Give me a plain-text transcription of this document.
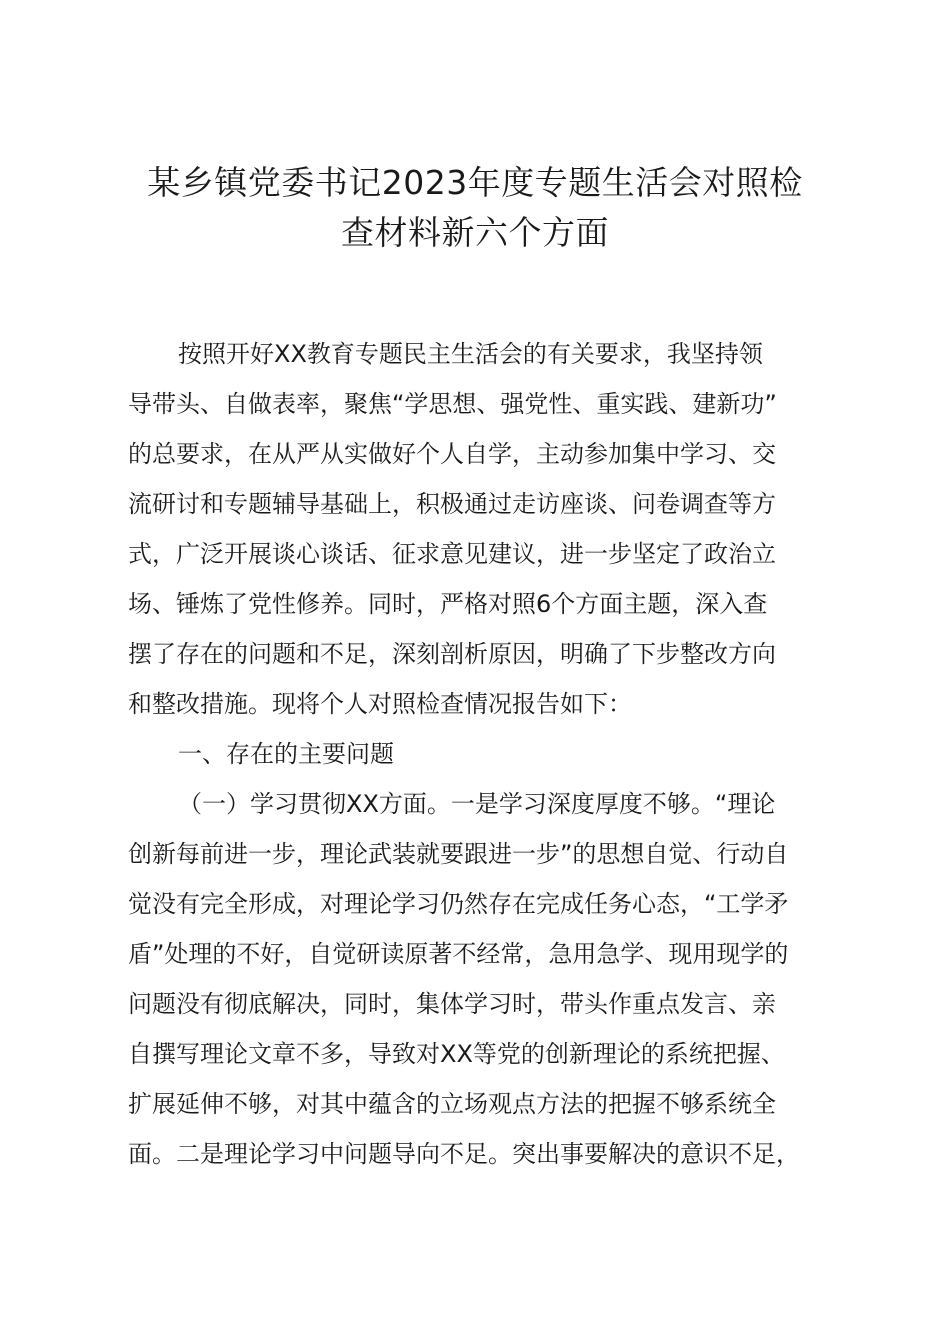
某乡镇党委书记2023年度专题生活会对照检
查材料新六个方面

按照开好XX教育专题民主生活会的有关要求，我坚持领
导带头、自做表率，聚焦“学思想、强党性、重实践、建新功”
的总要求，在从严从实做好个人自学，主动参加集中学习、交
流研讨和专题辅导基础上，积极通过走访座谈、问卷调查等方
式，广泛开展谈心谈话、征求意见建议，进一步坚定了政治立
场、锤炼了党性修养。同时，严格对照6个方面主题，深入查
摆了存在的问题和不足，深刻剖析原因，明确了下步整改方向
和整改措施。现将个人对照检查情况报告如下：

一、存在的主要问题

（一）学习贯彻XX方面。一是学习深度厚度不够。“理论
创新每前进一步，理论武装就要跟进一步”的思想自觉、行动自
觉没有完全形成，对理论学习仍然存在完成任务心态，“工学矛
盾”处理的不好，自觉研读原著不经常，急用急学、现用现学的
问题没有彻底解决，同时，集体学习时，带头作重点发言、亲
自撰写理论文章不多，导致对XX等党的创新理论的系统把握、
扩展延伸不够，对其中蕴含的立场观点方法的把握不够系统全
面。二是理论学习中问题导向不足。突出事要解决的意识不足，
